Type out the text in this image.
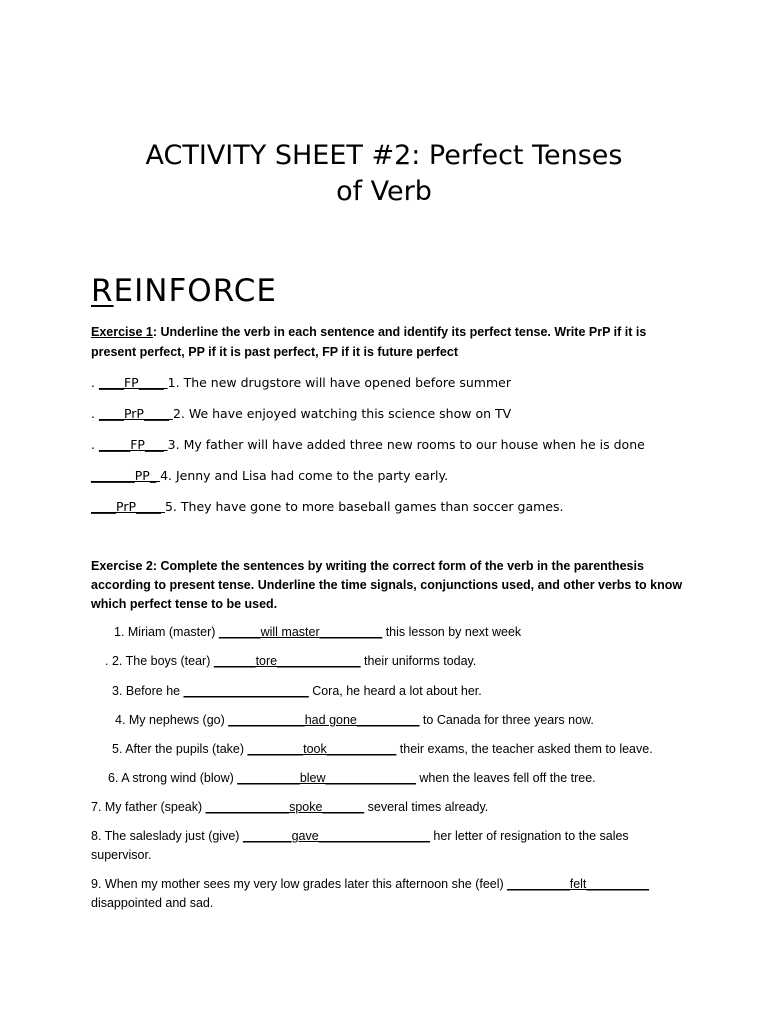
ACTIVITY SHEET #2: Perfect Tenses
of Verb
REINFORCE
Exercise 1: Underline the verb in each sentence and identify its perfect tense. Write PrP if it is present perfect, PP if it is past perfect, FP if it is future perfect
. ____FP____ 1. The new drugstore will have opened before summer
. ____PrP____ 2. We have enjoyed watching this science show on TV
. _____FP___ 3. My father will have added three new rooms to our house when he is done
_______PP_ 4. Jenny and Lisa had come to the party early.
____PrP____ 5. They have gone to more baseball games than soccer games.
Exercise 2: Complete the sentences by writing the correct form of the verb in the parenthesis according to present tense. Underline the time signals, conjunctions used, and other verbs to know which perfect tense to be used.
1. Miriam (master) ______will master_________ this lesson by next week
. 2. The boys (tear) ______tore____________ their uniforms today.
3. Before he __________________ Cora, he heard a lot about her.
4. My nephews (go) ___________had gone_________ to Canada for three years now.
5. After the pupils (take) ________took__________ their exams, the teacher asked them to leave.
6. A strong wind (blow) _________blew_____________ when the leaves fell off the tree.
7. My father (speak) ____________spoke______ several times already.
8. The saleslady just (give) _______gave________________ her letter of resignation to the sales supervisor.
9. When my mother sees my very low grades later this afternoon she (feel) _________felt_________ disappointed and sad.
